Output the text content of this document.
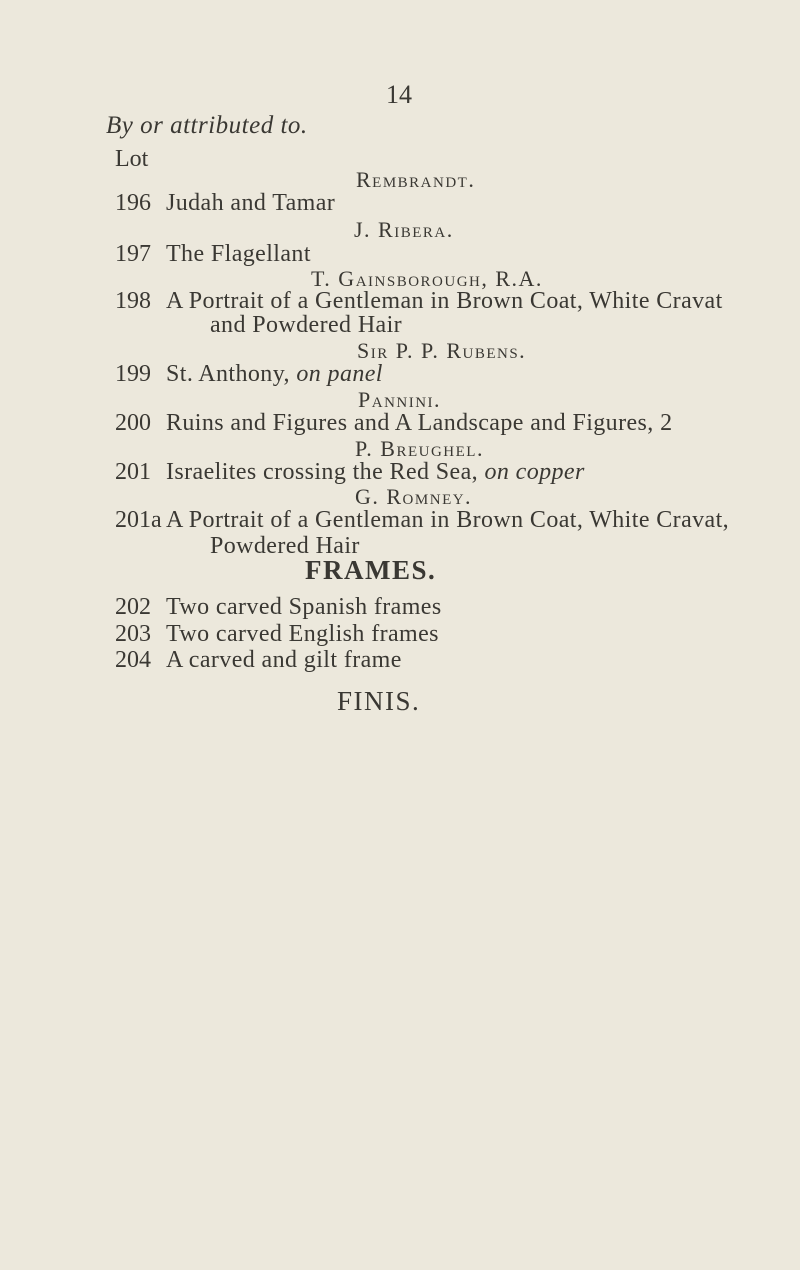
14
By or attributed to.
Lot
Rembrandt.
196 Judah and Tamar
J. Ribera.
197 The Flagellant
T. Gainsborough, R.A.
198 A Portrait of a Gentleman in Brown Coat, White Cravat
and Powdered Hair
Sir P. P. Rubens.
199 St. Anthony, on panel
Pannini.
200 Ruins and Figures and A Landscape and Figures, 2
P. Breughel.
201 Israelites crossing the Red Sea, on copper
G. Romney.
201a A Portrait of a Gentleman in Brown Coat, White Cravat,
Powdered Hair
FRAMES.
202 Two carved Spanish frames
203 Two carved English frames
204 A carved and gilt frame
FINIS.
